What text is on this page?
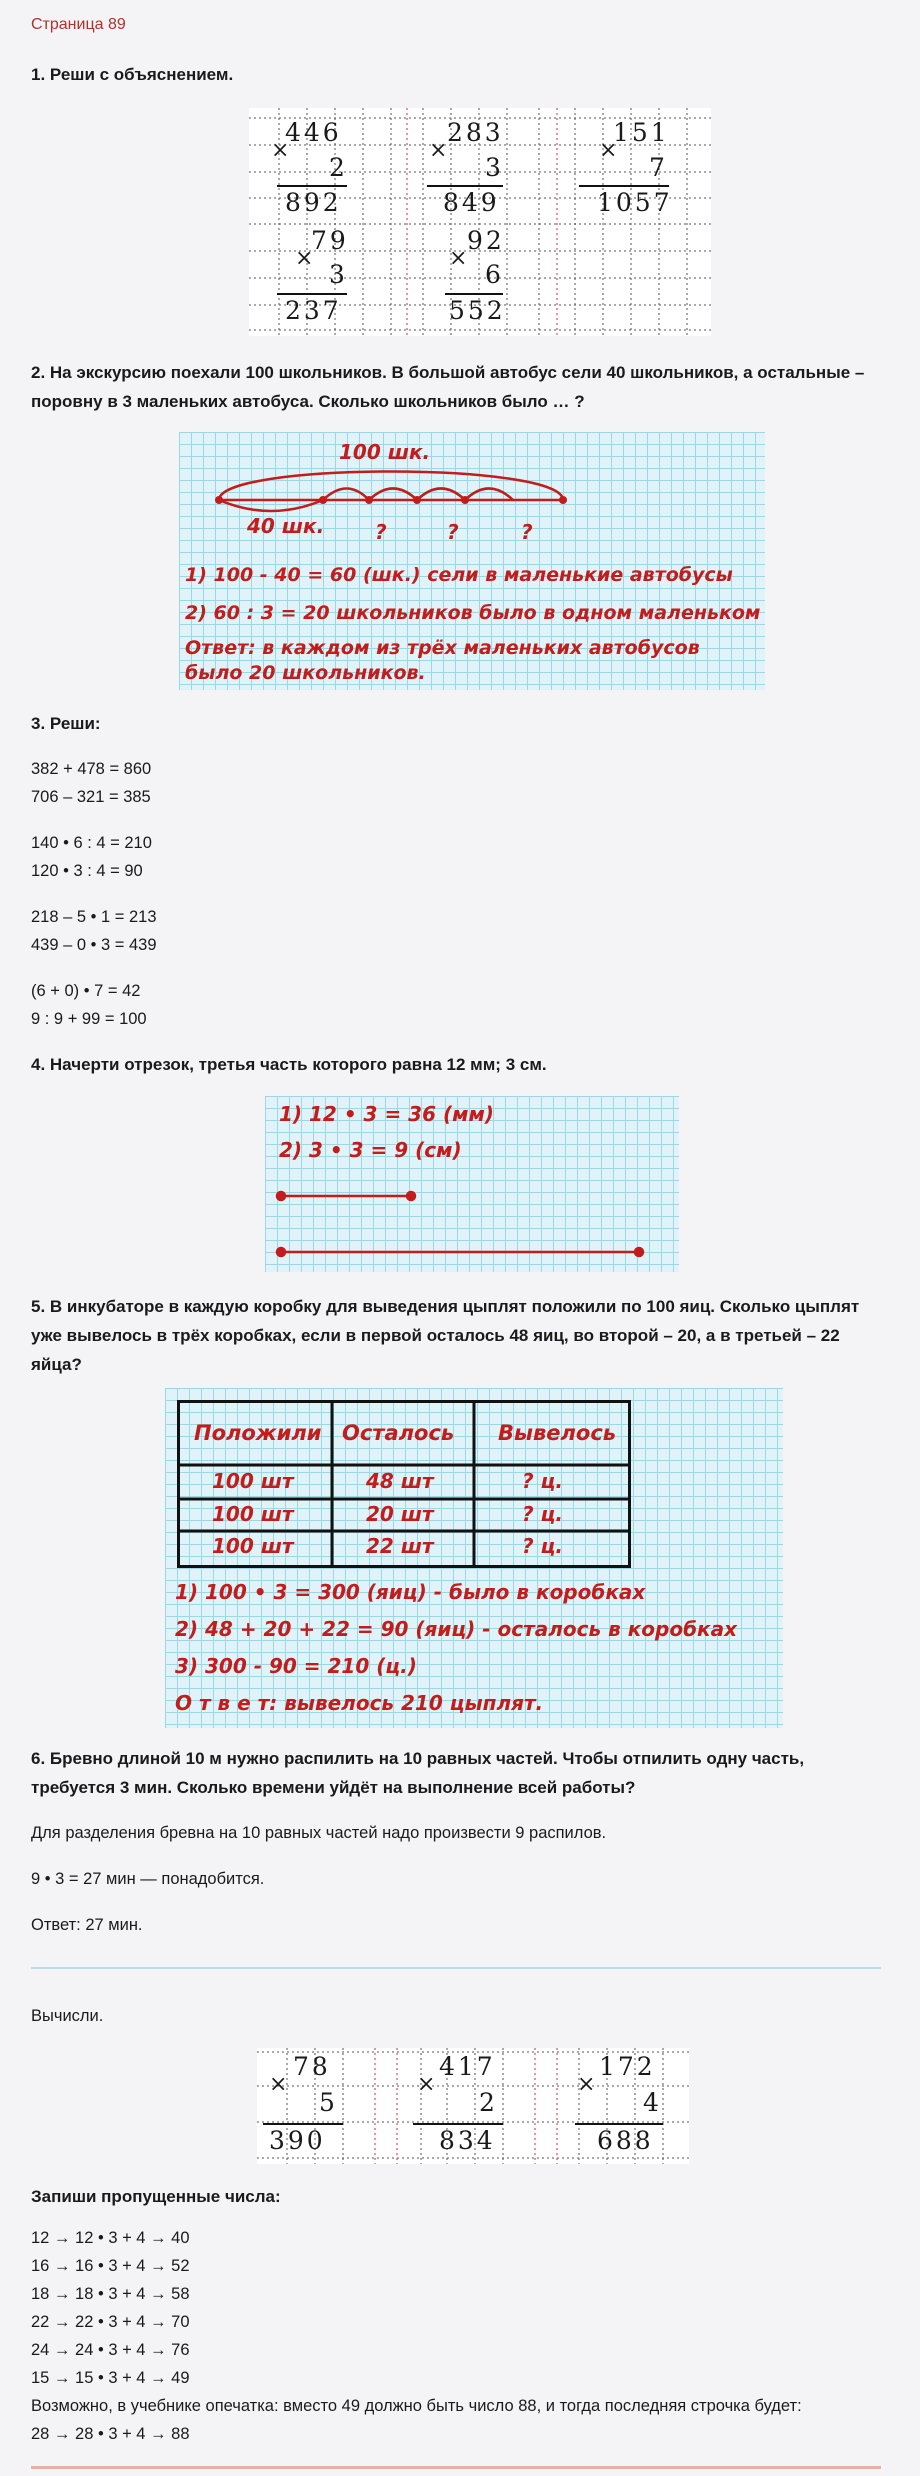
Страница 89
1. Реши с объяснением.
446
×
2
892
283
×
3
849
151
×
7
1057
79
×
3
237
92
×
6
552
2. На экскурсию поехали 100 школьников. В большой автобус сели 40 школьников, а остальные – поровну в 3 маленьких автобуса. Сколько школьников было … ?
100 шк.
40 шк.	?	?	?
1) 100 - 40 = 60 (шк.) сели в маленькие автобусы
2) 60 : 3 = 20 школьников было в одном маленьком
Ответ: в каждом из трёх маленьких автобусов
было 20 школьников.
3. Реши:
382 + 478 = 860
706 – 321 = 385
140 • 6 : 4 = 210
120 • 3 : 4 = 90
218 – 5 • 1 = 213
439 – 0 • 3 = 439
(6 + 0) • 7 = 42
9 : 9 + 99 = 100
4. Начерти отрезок, третья часть которого равна 12 мм; 3 см.
1) 12 • 3 = 36 (мм)
2) 3 • 3 = 9 (см)
5. В инкубаторе в каждую коробку для выведения цыплят положили по 100 яиц. Сколько цыплят уже вывелось в трёх коробках, если в первой осталось 48 яиц, во второй – 20, а в третьей – 22 яйца?
Положили Осталось Вывелось
100 шт	48 шт	? ц.
100 шт	20 шт	? ц.
100 шт	22 шт	? ц.
1) 100 • 3 = 300 (яиц) - было в коробках
2) 48 + 20 + 22 = 90 (яиц) - осталось в коробках
3) 300 - 90 = 210 (ц.)
О т в е т: вывелось 210 цыплят.
6. Бревно длиной 10 м нужно распилить на 10 равных частей. Чтобы отпилить одну часть, требуется 3 мин. Сколько времени уйдёт на выполнение всей работы?
Для разделения бревна на 10 равных частей надо произвести 9 распилов.
9 • 3 = 27 мин — понадобится.
Ответ: 27 мин.
Вычисли.
78
×
5
390
417
×
2
834
172
×
4
688
Запиши пропущенные числа:
12 → 12 • 3 + 4 → 40
16 → 16 • 3 + 4 → 52
18 → 18 • 3 + 4 → 58
22 → 22 • 3 + 4 → 70
24 → 24 • 3 + 4 → 76
15 → 15 • 3 + 4 → 49
Возможно, в учебнике опечатка: вместо 49 должно быть число 88, и тогда последняя строчка будет:
28 → 28 • 3 + 4 → 88
